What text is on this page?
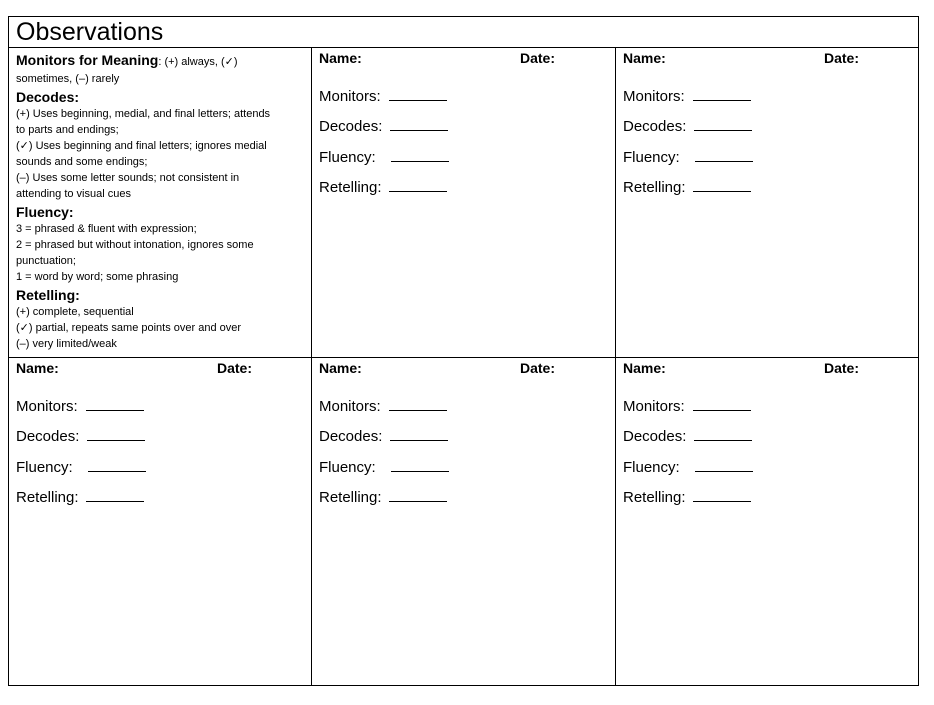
Observations
Monitors for Meaning: (+) always, (✓)
sometimes, (–) rarely
Decodes:
(+) Uses beginning, medial, and final letters; attends
to parts and endings;
(✓) Uses beginning and final letters; ignores medial
sounds and some endings;
(–) Uses some letter sounds; not consistent in
attending to visual cues
Fluency:
3 = phrased & fluent with expression;
2 = phrased but without intonation, ignores some
punctuation;
1 = word by word; some phrasing
Retelling:
(+) complete, sequential
(✓) partial, repeats same points over and over
(–) very limited/weak
Name:	Date:
Monitors:
Decodes:
Fluency:
Retelling:
Name:	Date:
Monitors:
Decodes:
Fluency:
Retelling:
Name:	Date:
Monitors:
Decodes:
Fluency:
Retelling:
Name:	Date:
Monitors:
Decodes:
Fluency:
Retelling:
Name:	Date:
Monitors:
Decodes:
Fluency:
Retelling:
